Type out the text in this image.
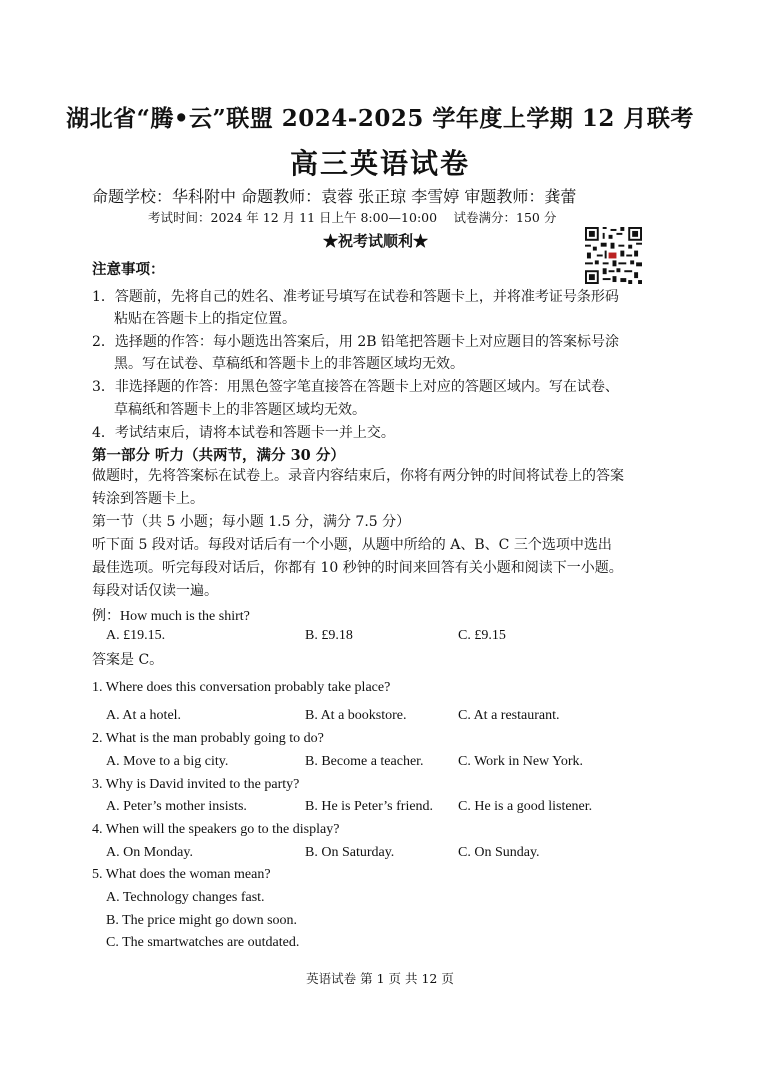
湖北省“腾•云”联盟 2024-2025 学年度上学期 12 月联考
高三英语试卷
命题学校：华科附中 命题教师：袁蓉 张正琼 李雪婷 审题教师：龚蕾
考试时间：2024 年 12 月 11 日上午 8:00—10:00　 试卷满分：150 分
★祝考试顺利★
注意事项：
1．答题前，先将自己的姓名、准考证号填写在试卷和答题卡上，并将准考证号条形码
粘贴在答题卡上的指定位置。
2．选择题的作答：每小题选出答案后，用 2B 铅笔把答题卡上对应题目的答案标号涂
黑。写在试卷、草稿纸和答题卡上的非答题区域均无效。
3．非选择题的作答：用黑色签字笔直接答在答题卡上对应的答题区域内。写在试卷、
草稿纸和答题卡上的非答题区域均无效。
4．考试结束后，请将本试卷和答题卡一并上交。
第一部分 听力（共两节，满分 30 分）
做题时，先将答案标在试卷上。录音内容结束后，你将有两分钟的时间将试卷上的答案
转涂到答题卡上。
第一节（共 5 小题；每小题 1.5 分，满分 7.5 分）
听下面 5 段对话。每段对话后有一个小题，从题中所给的 A、B、C 三个选项中选出
最佳选项。听完每段对话后，你都有 10 秒钟的时间来回答有关小题和阅读下一小题。
每段对话仅读一遍。
例：How much is the shirt?
A. £19.15.	B. £9.18	C. £9.15
答案是 C。
1. Where does this conversation probably take place?
A. At a hotel.	B. At a bookstore.	C. At a restaurant.
2. What is the man probably going to do?
A. Move to a big city.	B. Become a teacher. C. Work in New York.
3. Why is David invited to the party?
A. Peter’s mother insists.	B. He is Peter’s friend. C. He is a good listener.
4. When will the speakers go to the display?
A. On Monday.	B. On Saturday.	C. On Sunday.
5. What does the woman mean?
A. Technology changes fast.
B. The price might go down soon.
C. The smartwatches are outdated.
英语试卷 第 1 页 共 12 页
